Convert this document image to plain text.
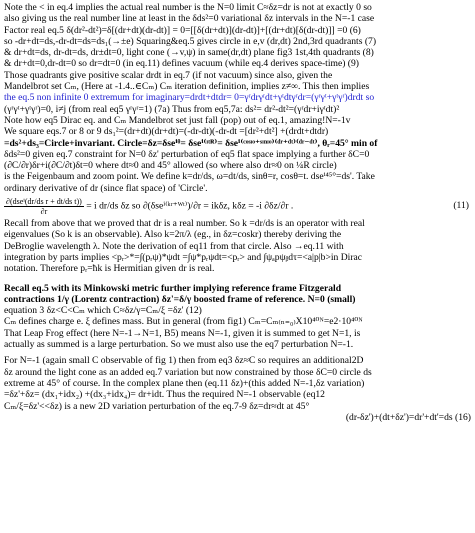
Note the < in eq.4 implies the actual real number is the N=0 limit C≈δz=dr is not at exactly 0 so

also giving us the real number line at least in the δds²=0 variational δz intervals in the N=-1 case

Factor real eq.5 δ(dr²-dt²)=δ[(dr+dt)(dr-dt)] = 0=[[δ(dr+dt)](dr-dt)]+[(dr+dt)[δ(dr-dt)]] =0 (6)

so -dr+dt=ds,-dr-dt=ds=ds₁(→±e) Squaring&eq.5 gives circle in e,v (dr,dt) 2nd,3rd quadrants (7)

& dr+dt=ds, dr-dt=ds, dr±dt=0, light cone (→v,ψ) in same(dr,dt) plane fig3 1st,4th quadrants (8)

& dr+dt=0,dr-dt=0 so dr=dt=0 (in eq.11) defines vacuum (while eq.4 derives space-time) (9)

Those quadrants give positive scalar drdt in eq.7 (if not vacuum) since also, given the

Mandelbrot set Cₘ, (Here at -1.4..∈Cₘ) Cₘ iteration definition, implies z≠∞. This then implies

the eq.5 non infinite 0 extremum for imaginary=drdt+dtdr= 0=γʳdrγʳdt+γᵗdtγʳdr=(γʳγᵗ+γᵗγʳ)drdt so

(γʳγᵗ+γᵗγʳ)=0, i≠j (from real eq5 γʳγʳ=1) (7a) Thus from eq5,7a: ds²= dr²-dt²=(γʳdr+iγᵗdt)²

Note how eq5 Dirac eq. and Cₘ Mandelbrot set just fall (pop) out of eq.1, amazing!N=-1v

We square eqs.7 or 8 or 9 ds₁²=(dr+dt)(dr+dt)=(-dr-dt)(-dr-dt =[dr²+dt²] +(drdt+dtdr)

=ds²+ds₃=Circle+invariant. Circle=δz=δseⁱᶿ= δseⁱ⁽ᶦᵗᴿ⁾= δseⁱ⁽ᶜᵒˢᶦᵒ⁺ˢᶦⁿᶦᵒ⁾⁽ᵈʳ⁺ᵈᵗ⁾⁽ᵈʳ⁻ᵈᵗ⁾, θᵣ=45° min of

δds²=0 given eq.7 constraint for N=0 δz' perturbation of eq5 flat space implying a further δC=0

(∂C/∂r)δr+i(∂C/∂t)δt=0 where dt≈0 and 45° allowed (so where also dr≈0 on ¼R circle)

is the Feigenbaum and zoom point. We define k=dr/ds, ω=dt/ds, sinθ=r, cosθ=t. dseⁱ⁴⁵°=ds'. Take

ordinary derivative of dr (since flat space) of 'Circle'.

$\frac{\text{∂(dseⁱ(dr/ds r + dt/ds t))}}{\partial r} = i$ dr/ds δz so ∂(δseⁱ⁽ᵏʳ⁺ᵂᵗ⁾)/∂r = ikδz, kδz = -i ∂δz/∂r .	(11)

Recall from above that we proved that dr is a real number. So k =dr/ds is an operator with real

eigenvalues (So k is an observable). Also k=2π/λ (eg., in δz=coskr) thereby deriving the

DeBroglie wavelength λ. Note the derivation of eq11 from that circle. Also →eq.11 with

integration by parts implies <pᵣ>*=∫(pᵣψ)*ψdt =∫ψ*pᵣψdt=<pᵣ> and ∫ψₐpψᵦdτ=<a|p|b>in Dirac

notation. Therefore pᵣ=ħk is Hermitian given dr is real.

Recall eq.5 with its Minkowski metric further implying reference frame Fitzgerald

contractions 1/γ (Lorentz contraction) δz'=δ/γ boosted frame of reference. N=0 (small)

equation 3 δz<C<Cₘ which C≈δz/γ=Cₘ/ξ =δz' (12)

Cₘ defines charge e. ξ defines mass. But in general (from fig1) Cₘ=Cₘ₍ₙ₌₀₎X10⁴⁰ᴺ=e2·10⁴⁰ᴺ

That Leap Frog effect (here N=-1→N=1, B5) means N=-1, given it is summed to get N=1, is

actually as summed is a large perturbation. So we must also use the eq7 perturbation N=-1.

For N=-1 (again small C observable of fig 1) then from eq3 δz≈C so requires an additional2D

δz around the light cone as an added eq.7 variation but now constrained by those δC=0 circle ds

extreme at 45° of course. In the complex plane then (eq.11 δz)+(this added N=-1,δz variation)

=δz'+δz= (dx₁+idx₂) +(dx₃+idx₄)= dr+idt. Thus the required N=-1 observable (eq12

Cₘ/ξ=δz'<<δz) is a new 2D variation perturbation of the eq.7-9 δz=dr≈dt at 45°

(dr-δz')+(dt+δz')=dr'+dt'=ds (16)
